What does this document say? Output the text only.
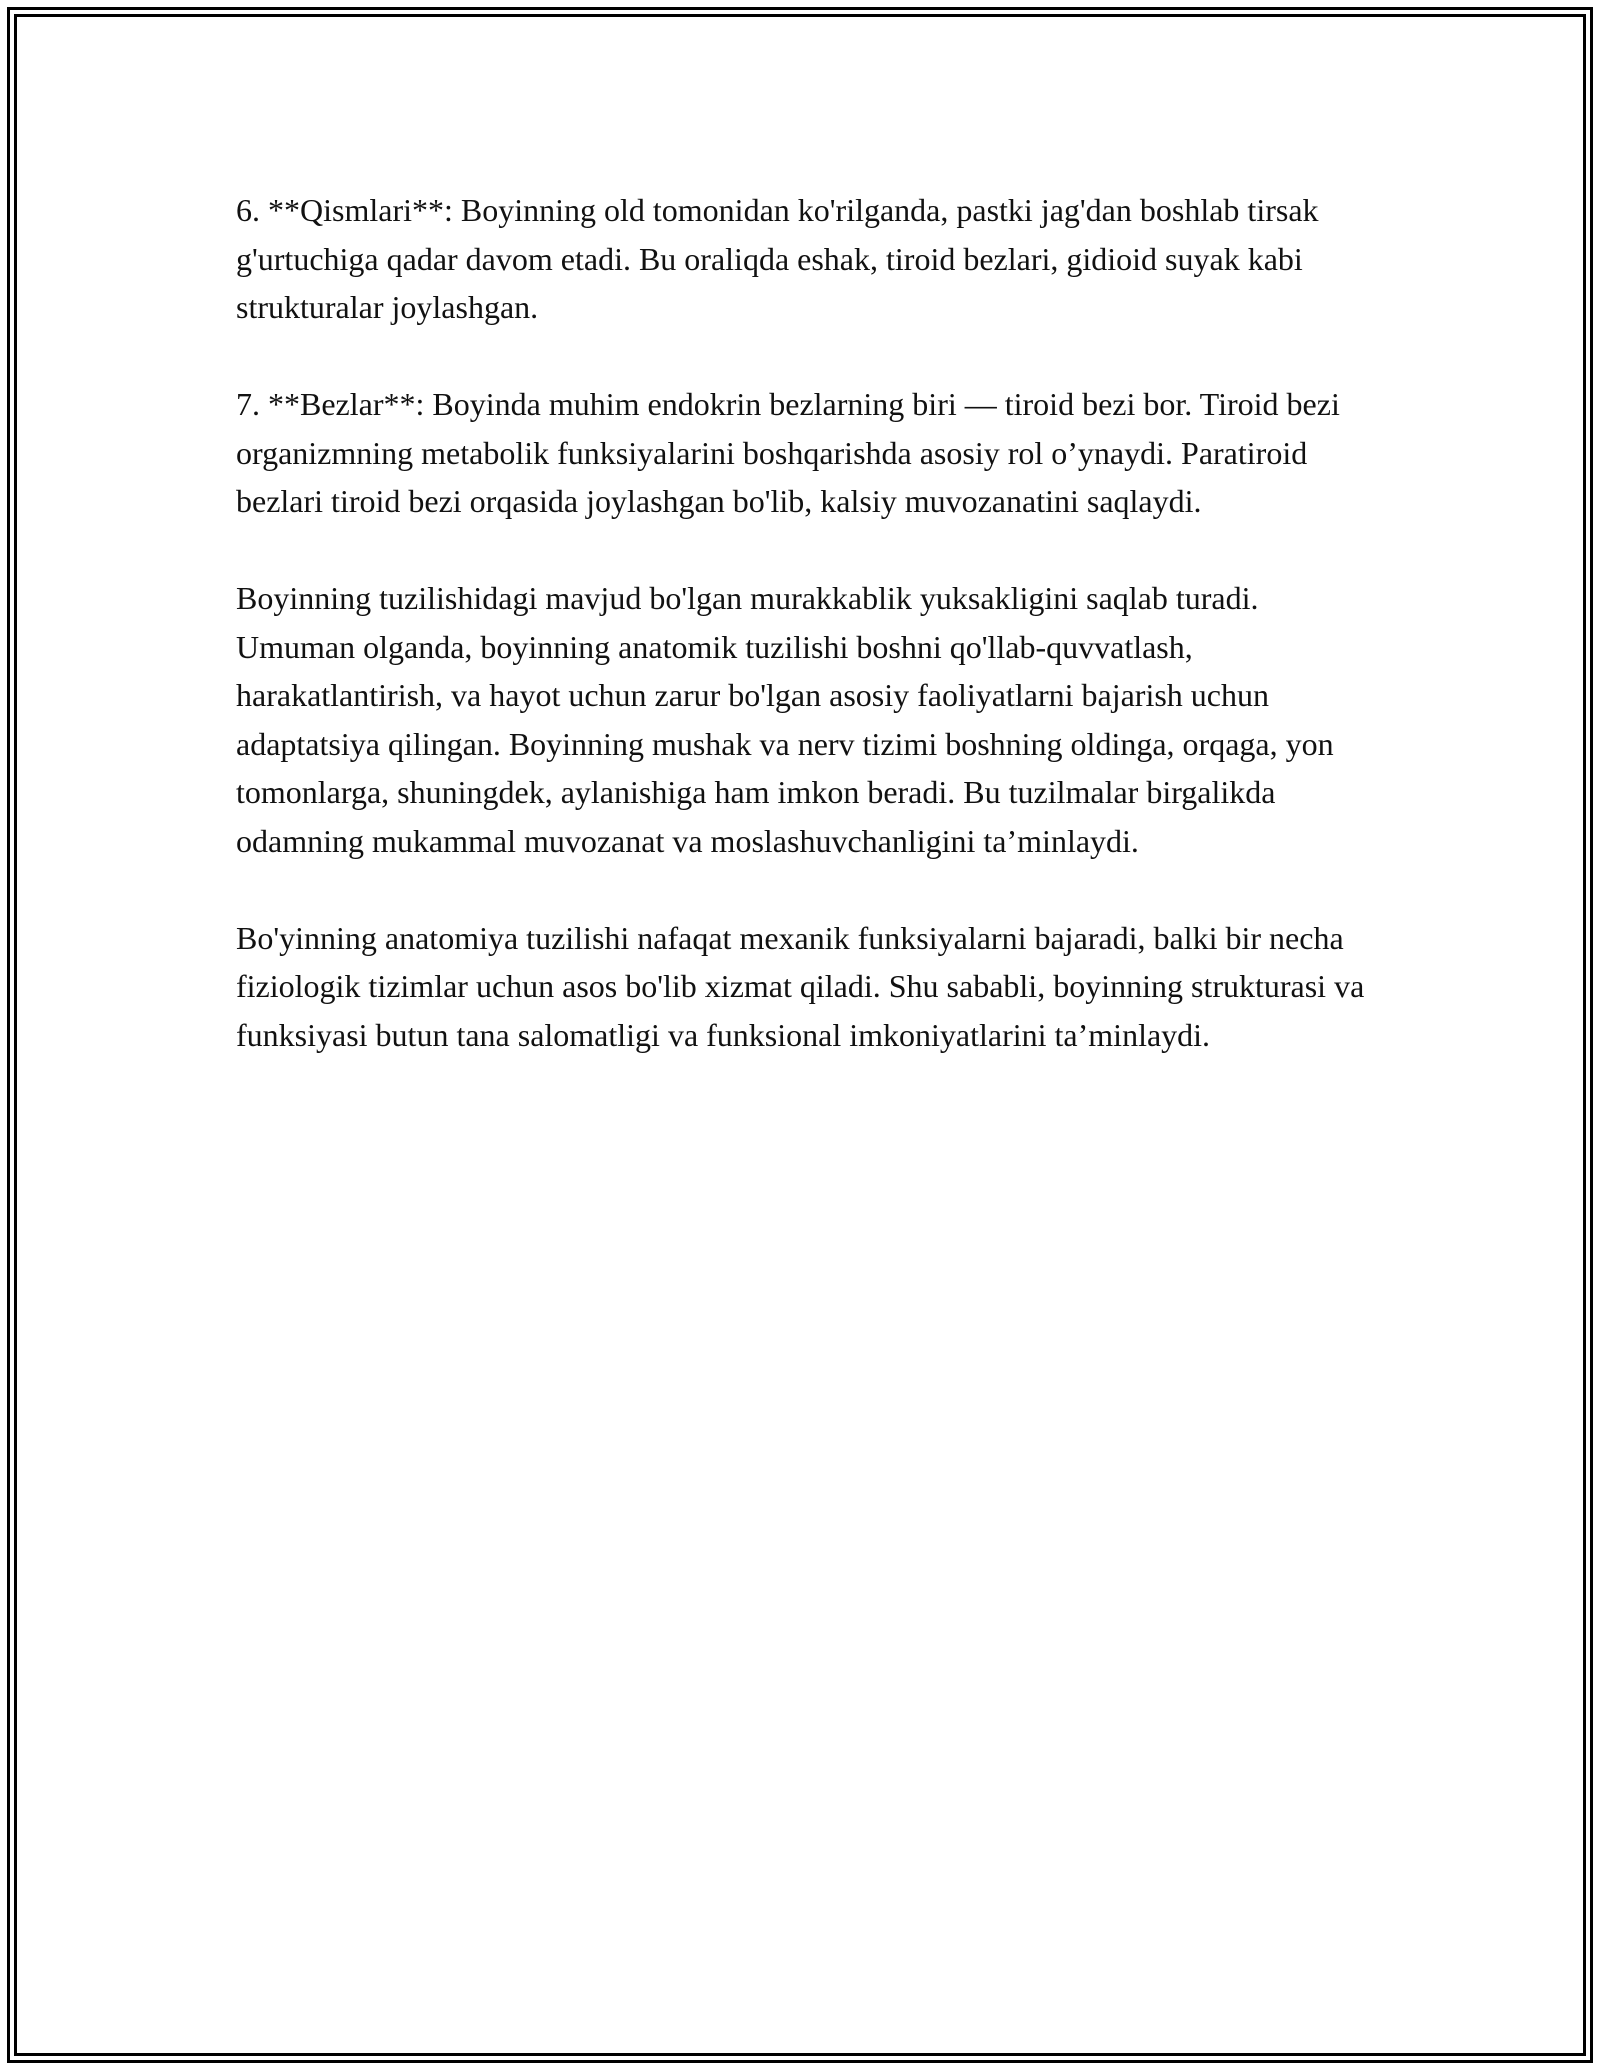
6. **Qismlari**: Boyinning old tomonidan ko'rilganda, pastki jag'dan boshlab tirsak g'urtuchiga qadar davom etadi. Bu oraliqda eshak, tiroid bezlari, gidioid suyak kabi strukturalar joylashgan.

7. **Bezlar**: Boyinda muhim endokrin bezlarning biri — tiroid bezi bor. Tiroid bezi organizmning metabolik funksiyalarini boshqarishda asosiy rol o’ynaydi. Paratiroid bezlari tiroid bezi orqasida joylashgan bo'lib, kalsiy muvozanatini saqlaydi.

Boyinning tuzilishidagi mavjud bo'lgan murakkablik yuksakligini saqlab turadi. Umuman olganda, boyinning anatomik tuzilishi boshni qo'llab-quvvatlash, harakatlantirish, va hayot uchun zarur bo'lgan asosiy faoliyatlarni bajarish uchun adaptatsiya qilingan. Boyinning mushak va nerv tizimi boshning oldinga, orqaga, yon tomonlarga, shuningdek, aylanishiga ham imkon beradi. Bu tuzilmalar birgalikda odamning mukammal muvozanat va moslashuvchanligini ta’minlaydi.

Bo'yinning anatomiya tuzilishi nafaqat mexanik funksiyalarni bajaradi, balki bir necha fiziologik tizimlar uchun asos bo'lib xizmat qiladi. Shu sababli, boyinning strukturasi va funksiyasi butun tana salomatligi va funksional imkoniyatlarini ta’minlaydi.
